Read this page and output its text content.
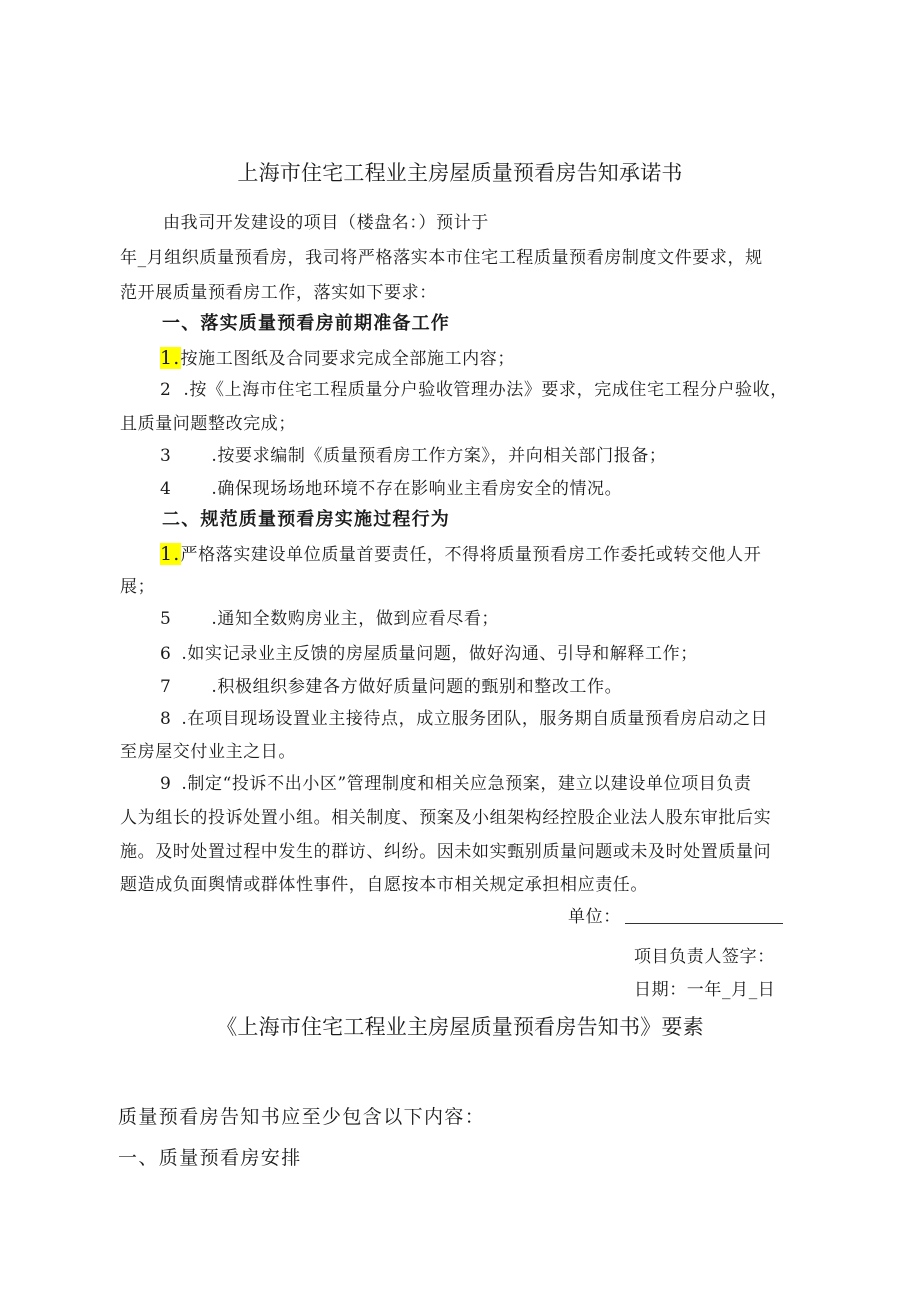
上海市住宅工程业主房屋质量预看房告知承诺书
由我司开发建设的项目（楼盘名：）预计于
年_月组织质量预看房，我司将严格落实本市住宅工程质量预看房制度文件要求，规
范开展质量预看房工作，落实如下要求：
一、落实质量预看房前期准备工作
1.按施工图纸及合同要求完成全部施工内容；
2 .按《上海市住宅工程质量分户验收管理办法》要求，完成住宅工程分户验收，
且质量问题整改完成；
3 .按要求编制《质量预看房工作方案》，并向相关部门报备；
4 .确保现场场地环境不存在影响业主看房安全的情况。
二、规范质量预看房实施过程行为
1.严格落实建设单位质量首要责任，不得将质量预看房工作委托或转交他人开
展；
5 .通知全数购房业主，做到应看尽看；
6 .如实记录业主反馈的房屋质量问题，做好沟通、引导和解释工作；
7 .积极组织参建各方做好质量问题的甄别和整改工作。
8 .在项目现场设置业主接待点，成立服务团队，服务期自质量预看房启动之日
至房屋交付业主之日。
9 .制定“投诉不出小区”管理制度和相关应急预案，建立以建设单位项目负责
人为组长的投诉处置小组。相关制度、预案及小组架构经控股企业法人股东审批后实
施。及时处置过程中发生的群访、纠纷。因未如实甄别质量问题或未及时处置质量问
题造成负面舆情或群体性事件，自愿按本市相关规定承担相应责任。
单位：
项目负责人签字：
日期：一年_月_日
《上海市住宅工程业主房屋质量预看房告知书》要素
质量预看房告知书应至少包含以下内容：
一、质量预看房安排
